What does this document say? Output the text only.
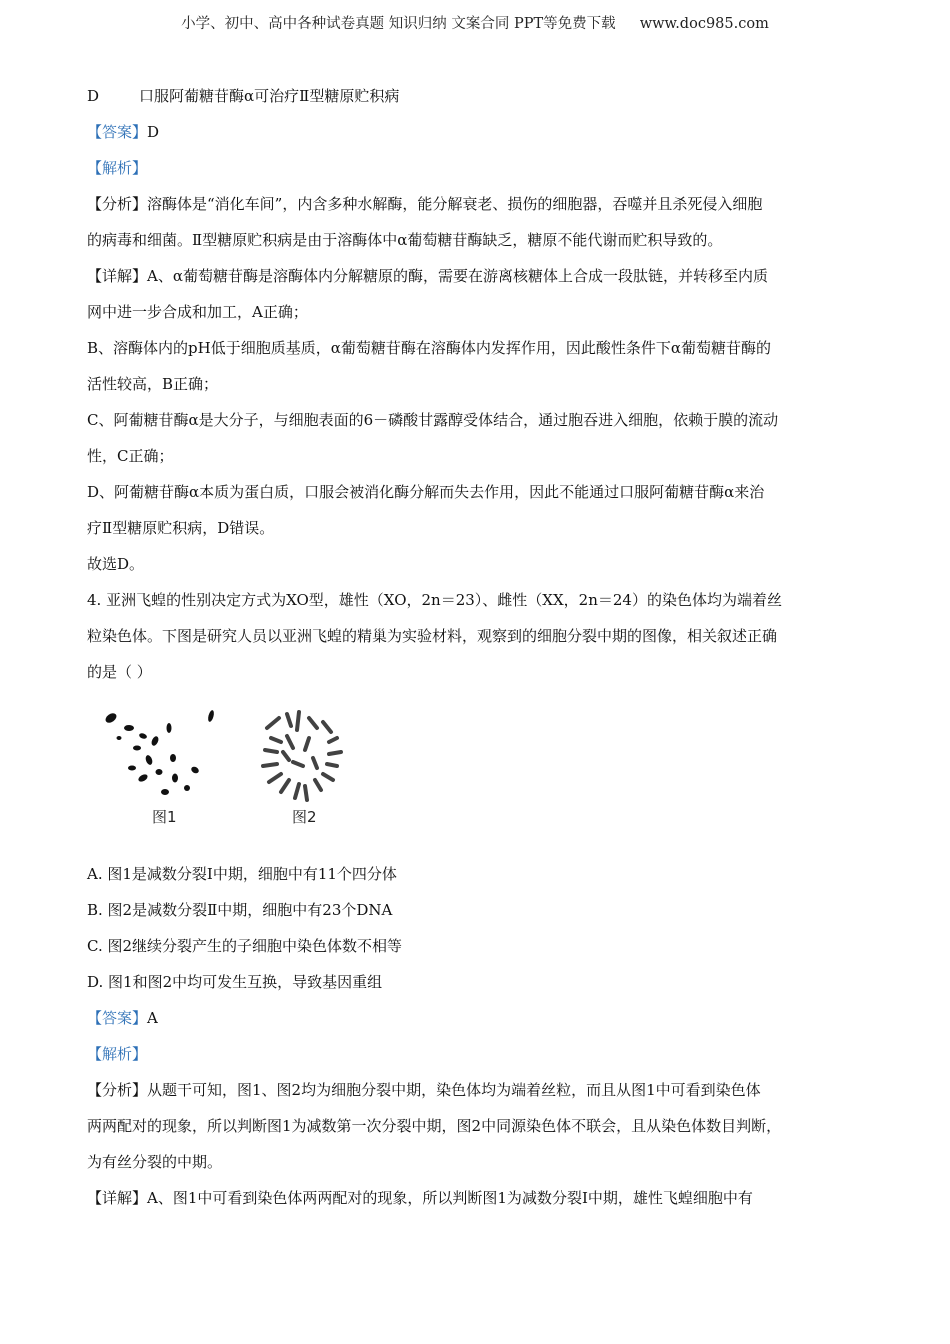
小学、初中、高中各种试卷真题 知识归纳 文案合同 PPT等免费下载 www.doc985.com

D	口服阿葡糖苷酶α可治疗Ⅱ型糖原贮积病

【答案】D

【解析】

【分析】溶酶体是“消化车间”，内含多种水解酶，能分解衰老、损伤的细胞器，吞噬并且杀死侵入细胞

的病毒和细菌。Ⅱ型糖原贮积病是由于溶酶体中α葡萄糖苷酶缺乏，糖原不能代谢而贮积导致的。

【详解】A、α葡萄糖苷酶是溶酶体内分解糖原的酶，需要在游离核糖体上合成一段肽链，并转移至内质

网中进一步合成和加工，A正确；

B、溶酶体内的pH低于细胞质基质，α葡萄糖苷酶在溶酶体内发挥作用，因此酸性条件下α葡萄糖苷酶的

活性较高，B正确；

C、阿葡糖苷酶α是大分子，与细胞表面的6－磷酸甘露醇受体结合，通过胞吞进入细胞，依赖于膜的流动

性，C正确；

D、阿葡糖苷酶α本质为蛋白质，口服会被消化酶分解而失去作用，因此不能通过口服阿葡糖苷酶α来治

疗Ⅱ型糖原贮积病，D错误。

故选D。

4. 亚洲飞蝗的性别决定方式为XO型，雄性（XO，2n＝23）、雌性（XX，2n＝24）的染色体均为端着丝

粒染色体。下图是研究人员以亚洲飞蝗的精巢为实验材料，观察到的细胞分裂中期的图像，相关叙述正确

的是（ ）

图1	图2

A. 图1是减数分裂Ⅰ中期，细胞中有11个四分体

B. 图2是减数分裂Ⅱ中期，细胞中有23个DNA

C. 图2继续分裂产生的子细胞中染色体数不相等

D. 图1和图2中均可发生互换，导致基因重组

【答案】A

【解析】

【分析】从题干可知，图1、图2均为细胞分裂中期，染色体均为端着丝粒，而且从图1中可看到染色体

两两配对的现象，所以判断图1为减数第一次分裂中期，图2中同源染色体不联会，且从染色体数目判断，

为有丝分裂的中期。

【详解】A、图1中可看到染色体两两配对的现象，所以判断图1为减数分裂Ⅰ中期，雄性飞蝗细胞中有
